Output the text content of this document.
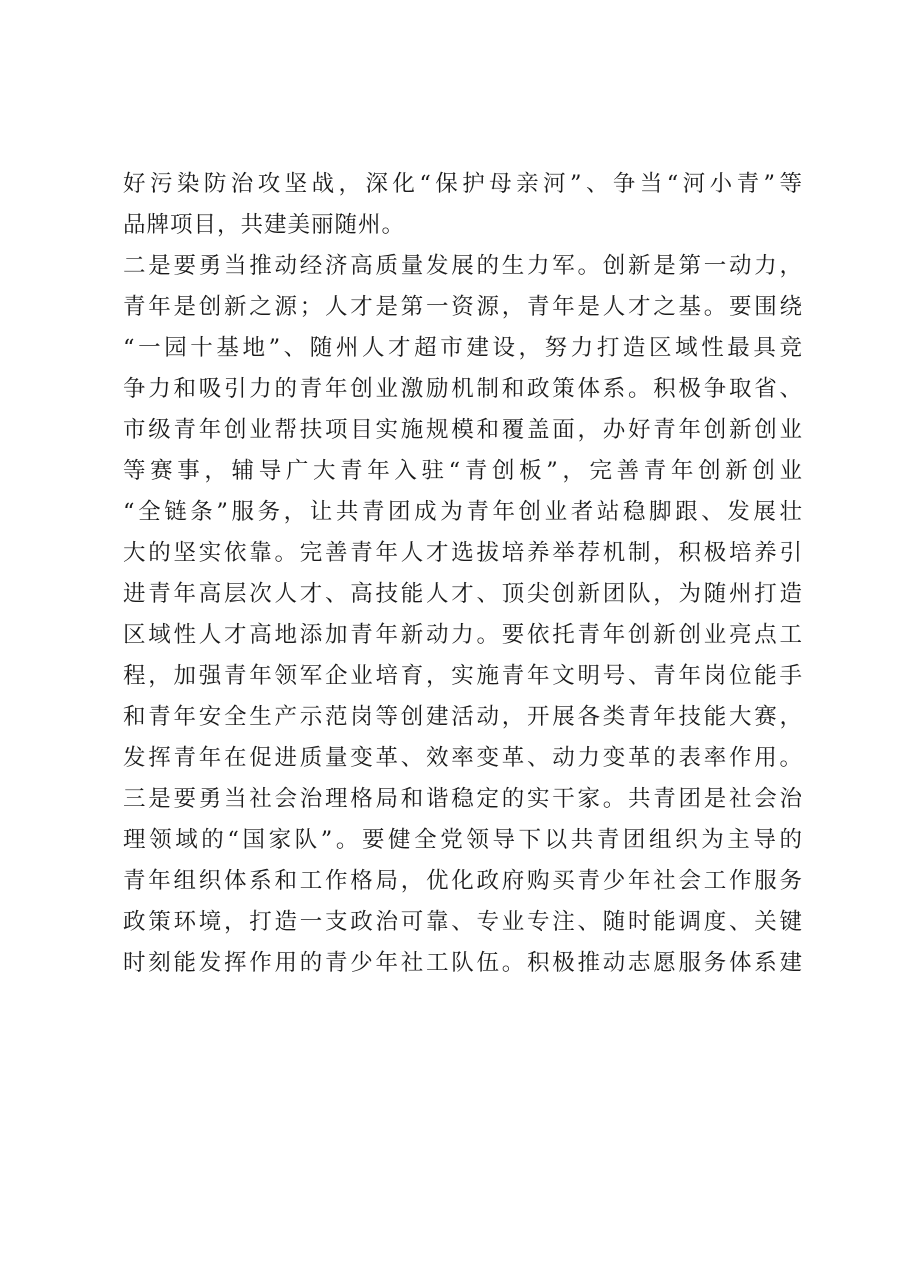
好污染防治攻坚战，深化“保护母亲河”、争当“河小青”等
品牌项目，共建美丽随州。
二是要勇当推动经济高质量发展的生力军。创新是第一动力，
青年是创新之源；人才是第一资源，青年是人才之基。要围绕
“一园十基地”、随州人才超市建设，努力打造区域性最具竞
争力和吸引力的青年创业激励机制和政策体系。积极争取省、
市级青年创业帮扶项目实施规模和覆盖面，办好青年创新创业
等赛事，辅导广大青年入驻“青创板”，完善青年创新创业
“全链条”服务，让共青团成为青年创业者站稳脚跟、发展壮
大的坚实依靠。完善青年人才选拔培养举荐机制，积极培养引
进青年高层次人才、高技能人才、顶尖创新团队，为随州打造
区域性人才高地添加青年新动力。要依托青年创新创业亮点工
程，加强青年领军企业培育，实施青年文明号、青年岗位能手
和青年安全生产示范岗等创建活动，开展各类青年技能大赛，
发挥青年在促进质量变革、效率变革、动力变革的表率作用。
三是要勇当社会治理格局和谐稳定的实干家。共青团是社会治
理领域的“国家队”。要健全党领导下以共青团组织为主导的
青年组织体系和工作格局，优化政府购买青少年社会工作服务
政策环境，打造一支政治可靠、专业专注、随时能调度、关键
时刻能发挥作用的青少年社工队伍。积极推动志愿服务体系建
